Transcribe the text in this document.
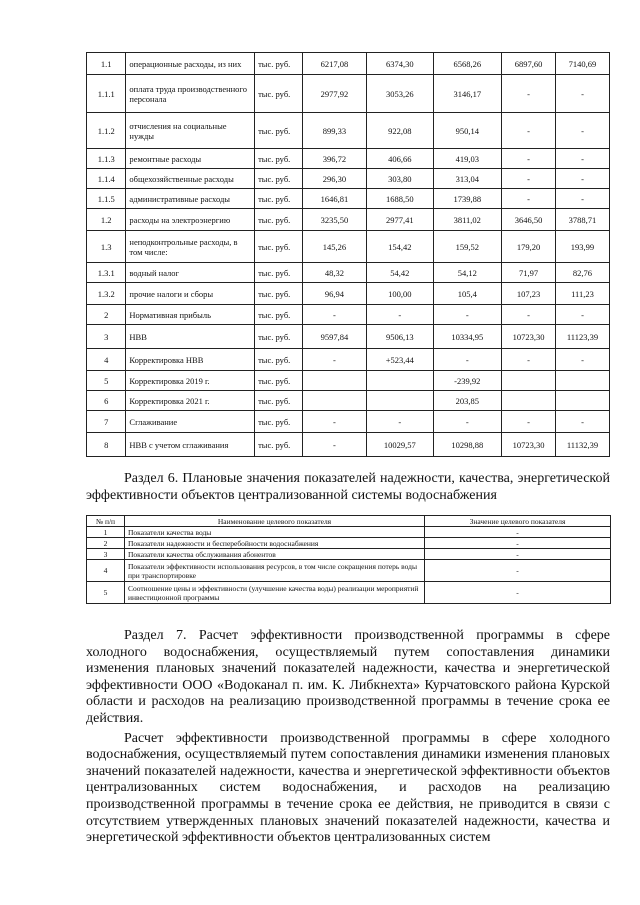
1.1	операционные расходы, из них	тыс. руб.	6217,08	6374,30	6568,26	6897,60	7140,69
1.1.1	оплата труда производственного персонала	тыс. руб.	2977,92	3053,26	3146,17	-	-
1.1.2	отчисления на социальные нужды	тыс. руб.	899,33	922,08	950,14	-	-
1.1.3	ремонтные расходы	тыс. руб.	396,72	406,66	419,03	-	-
1.1.4	общехозяйственные расходы	тыс. руб.	296,30	303,80	313,04	-	-
1.1.5	административные расходы	тыс. руб.	1646,81	1688,50	1739,88	-	-
1.2	расходы на электроэнергию	тыс. руб.	3235,50	2977,41	3811,02	3646,50	3788,71
1.3	неподконтрольные расходы, в том числе:	тыс. руб.	145,26	154,42	159,52	179,20	193,99
1.3.1	водный налог	тыс. руб.	48,32	54,42	54,12	71,97	82,76
1.3.2	прочие налоги и сборы	тыс. руб.	96,94	100,00	105,4	107,23	111,23
2	Нормативная прибыль	тыс. руб.	-	-	-	-	-
3	НВВ	тыс. руб.	9597,84	9506,13	10334,95	10723,30	11123,39
4	Корректировка НВВ	тыс. руб.	-	+523,44	-	-	-
5	Корректировка 2019 г.	тыс. руб.			-239,92		
6	Корректировка 2021 г.	тыс. руб.			203,85		
7	Сглаживание	тыс. руб.	-	-	-	-	-
8	НВВ с учетом сглаживания	тыс. руб.	-	10029,57	10298,88	10723,30	11132,39

Раздел 6. Плановые значения показателей надежности, качества, энергетической эффективности объектов централизованной системы водоснабжения

№ п/п	Наименование целевого показателя	Значение целевого показателя
1	Показатели качества воды	-
2	Показатели надежности и бесперебойности водоснабжения	-
3	Показатели качества обслуживания абонентов	-
4	Показатели эффективности использования ресурсов, в том числе сокращения потерь воды при транспортировке	-
5	Соотношение цены и эффективности (улучшение качества воды) реализации мероприятий инвестиционной программы	-

Раздел 7. Расчет эффективности производственной программы в сфере холодного водоснабжения, осуществляемый путем сопоставления динамики изменения плановых значений показателей надежности, качества и энергетической эффективности ООО «Водоканал п. им. К. Либкнехта» Курчатовского района Курской области и расходов на реализацию производственной программы в течение срока ее действия.

Расчет эффективности производственной программы в сфере холодного водоснабжения, осуществляемый путем сопоставления динамики изменения плановых значений показателей надежности, качества и энергетической эффективности объектов централизованных систем водоснабжения, и расходов на реализацию производственной программы в течение срока ее действия, не приводится в связи с отсутствием утвержденных плановых значений показателей надежности, качества и энергетической эффективности объектов централизованных систем
